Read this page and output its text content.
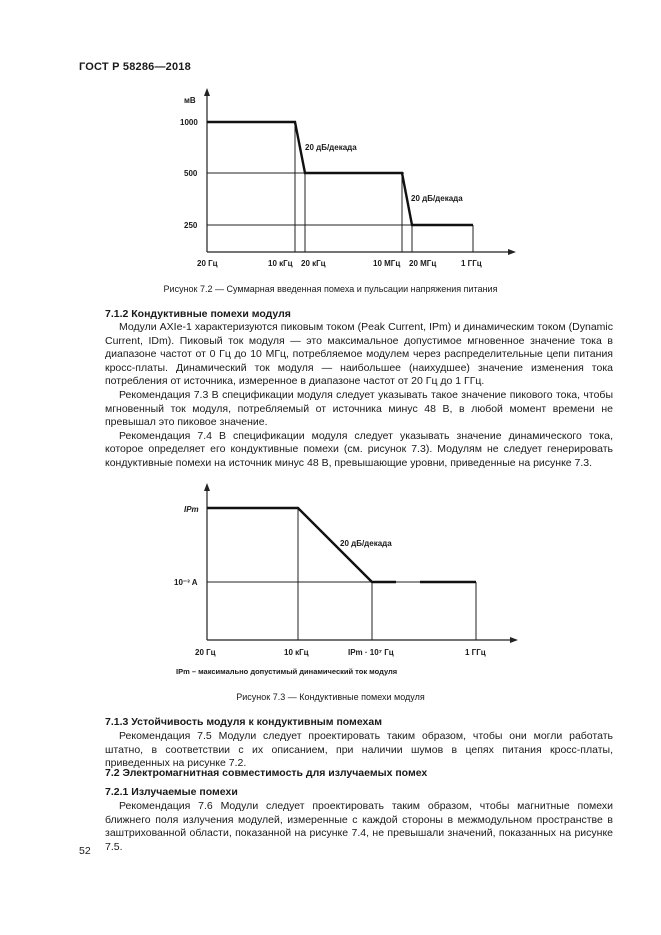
ГОСТ Р 58286—2018
мВ
1000
500
250
20 Гц	10 кГц 20 кГц	10 МГц 20 МГц	1 ГГц
20 дБ/декада
20 дБ/декада
Рисунок 7.2 — Суммарная введенная помеха и пульсации напряжения питания
7.1.2 Кондуктивные помехи модуля

Модули AXIe-1 характеризуются пиковым током (Peak Current, IPm) и динамическим током (Dynamic Current, IDm). Пиковый ток модуля — это максимальное допустимое мгновенное значение тока в диапазоне частот от 0 Гц до 10 МГц, потребляемое модулем через распределительные цепи питания кросс-платы. Динамический ток модуля — наибольшее (наихудшее) значение изменения тока потребления от источника, измеренное в диапазоне частот от 20 Гц до 1 ГГц.

Рекомендация 7.3 В спецификации модуля следует указывать такое значение пикового тока, чтобы мгновенный ток модуля, потребляемый от источника минус 48 В, в любой момент времени не превышал это пиковое значение.

Рекомендация 7.4 В спецификации модуля следует указывать значение динамического тока, которое определяет его кондуктивные помехи (см. рисунок 7.3). Модулям не следует генерировать кондуктивные помехи на источник минус 48 В, превышающие уровни, приведенные на рисунке 7.3.

IPm
10⁻³ A
20 Гц	10 кГц	IPm · 10⁷ Гц	1 ГГц
20 дБ/декада
IPm – максимально допустимый динамический ток модуля
Рисунок 7.3 — Кондуктивные помехи модуля
7.1.3 Устойчивость модуля к кондуктивным помехам

Рекомендация 7.5 Модули следует проектировать таким образом, чтобы они могли работать штатно, в соответствии с их описанием, при наличии шумов в цепях питания кросс-платы, приведенных на рисунке 7.2.

7.2 Электромагнитная совместимость для излучаемых помех
7.2.1 Излучаемые помехи

Рекомендация 7.6 Модули следует проектировать таким образом, чтобы магнитные помехи ближнего поля излучения модулей, измеренные с каждой стороны в межмодульном пространстве в заштрихованной области, показанной на рисунке 7.4, не превышали значений, показанных на рисунке 7.5.

52
